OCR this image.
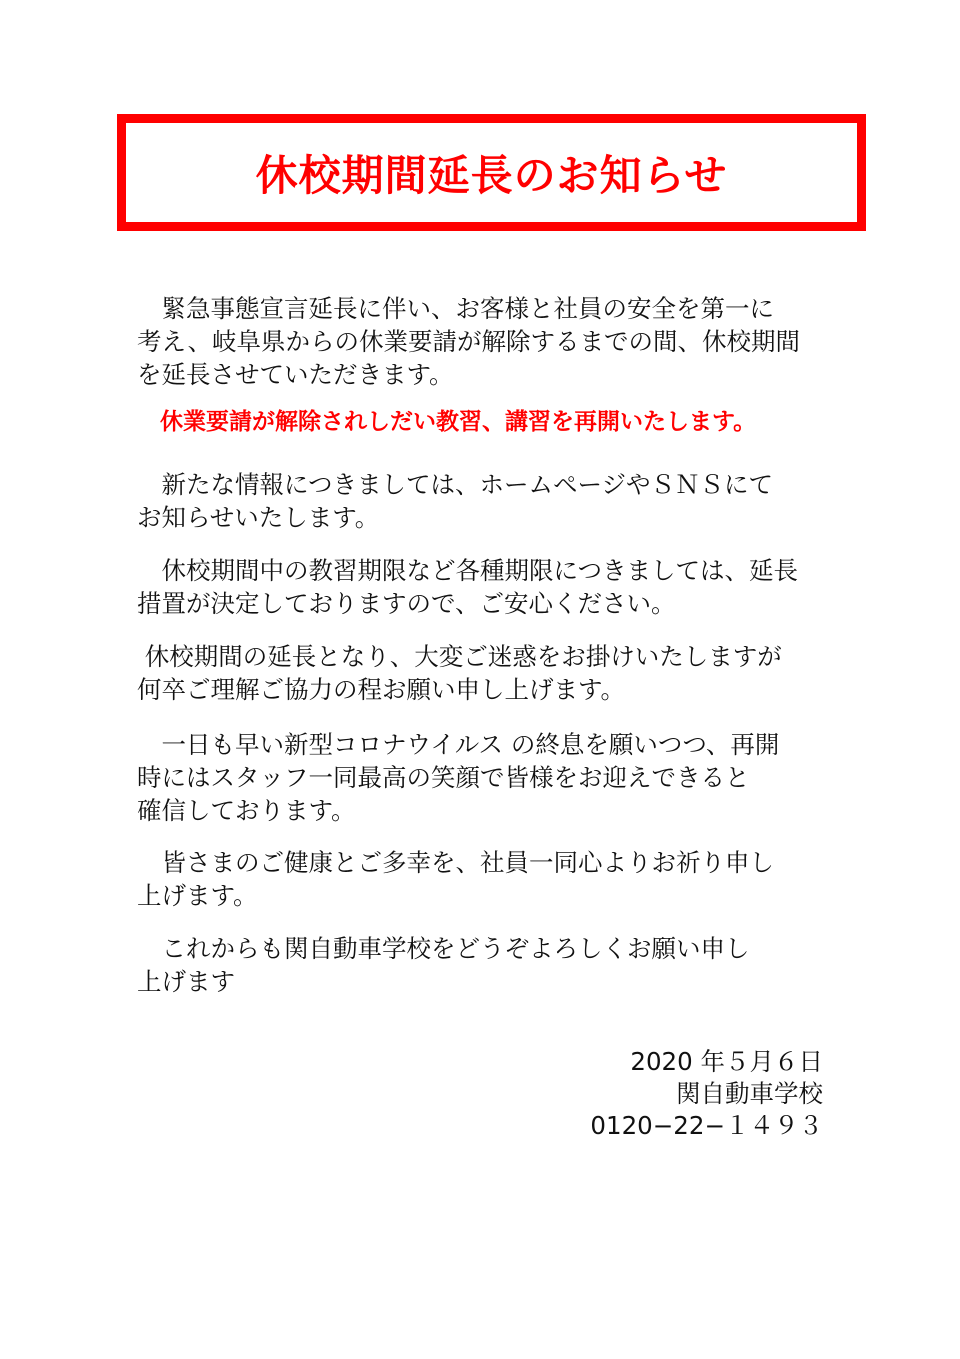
休校期間延長のお知らせ

　緊急事態宣言延長に伴い、お客様と社員の安全を第一に
考え、岐阜県からの休業要請が解除するまでの間、休校期間
を延長させていただきます。

　休業要請が解除されしだい教習、講習を再開いたします。

　新たな情報につきましては、ホームページやＳＮＳにて
お知らせいたします。

　休校期間中の教習期限など各種期限につきましては、延長
措置が決定しておりますので、ご安心ください。

休校期間の延長となり、大変ご迷惑をお掛けいたしますが
何卒ご理解ご協力の程お願い申し上げます。

　一日も早い新型コロナウイルス の終息を願いつつ、再開
時にはスタッフ一同最高の笑顔で皆様をお迎えできると
確信しております。

　皆さまのご健康とご多幸を、社員一同心よりお祈り申し
上げます。

　これからも関自動車学校をどうぞよろしくお願い申し
上げます

2020 年５月６日
関自動車学校
0120−22−１４９３
